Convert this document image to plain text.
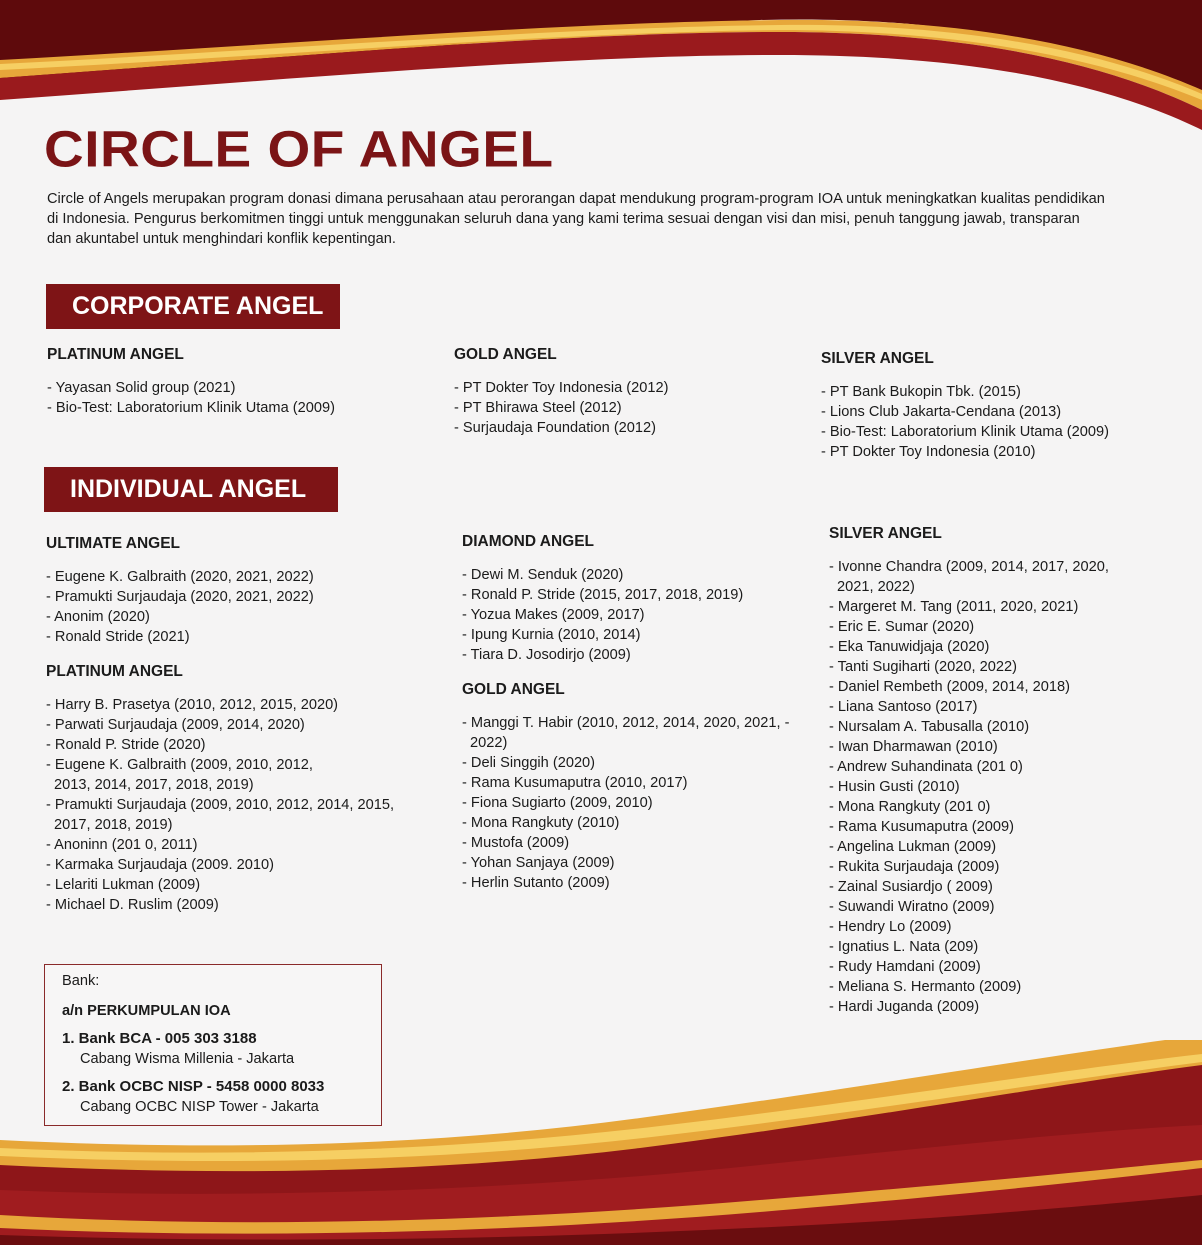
CIRCLE OF ANGEL

Circle of Angels merupakan program donasi dimana perusahaan atau perorangan dapat mendukung program-program IOA untuk meningkatkan kualitas pendidikan di Indonesia. Pengurus berkomitmen tinggi untuk menggunakan seluruh dana yang kami terima sesuai dengan visi dan misi, penuh tanggung jawab, transparan dan akuntabel untuk menghindari konflik kepentingan.

CORPORATE ANGEL
PLATINUM ANGEL
- Yayasan Solid group (2021)
- Bio-Test: Laboratorium Klinik Utama (2009)
GOLD ANGEL
- PT Dokter Toy Indonesia (2012)
- PT Bhirawa Steel (2012)
- Surjaudaja Foundation (2012)
SILVER ANGEL
- PT Bank Bukopin Tbk. (2015)
- Lions Club Jakarta-Cendana (2013)
- Bio-Test: Laboratorium Klinik Utama (2009)
- PT Dokter Toy Indonesia (2010)
INDIVIDUAL ANGEL
ULTIMATE ANGEL
- Eugene K. Galbraith (2020, 2021, 2022)
- Pramukti Surjaudaja (2020, 2021, 2022)
- Anonim (2020)
- Ronald Stride (2021)
PLATINUM ANGEL
- Harry B. Prasetya (2010, 2012, 2015, 2020)
- Parwati Surjaudaja (2009, 2014, 2020)
- Ronald P. Stride (2020)
- Eugene K. Galbraith (2009, 2010, 2012, 2013, 2014, 2017, 2018, 2019)
- Pramukti Surjaudaja (2009, 2010, 2012, 2014, 2015, 2017, 2018, 2019)
- Anoninn (201 0, 2011)
- Karmaka Surjaudaja (2009. 2010)
- Lelariti Lukman (2009)
- Michael D. Ruslim (2009)
DIAMOND ANGEL
- Dewi M. Senduk (2020)
- Ronald P. Stride (2015, 2017, 2018, 2019)
- Yozua Makes (2009, 2017)
- Ipung Kurnia (2010, 2014)
- Tiara D. Josodirjo (2009)
GOLD ANGEL
- Manggi T. Habir (2010, 2012, 2014, 2020, 2021, - 2022)
- Deli Singgih (2020)
- Rama Kusumaputra (2010, 2017)
- Fiona Sugiarto (2009, 2010)
- Mona Rangkuty (2010)
- Mustofa (2009)
- Yohan Sanjaya (2009)
- Herlin Sutanto (2009)
SILVER ANGEL
- Ivonne Chandra (2009, 2014, 2017, 2020, 2021, 2022)
- Margeret M. Tang (2011, 2020, 2021)
- Eric E. Sumar (2020)
- Eka Tanuwidjaja (2020)
- Tanti Sugiharti (2020, 2022)
- Daniel Rembeth (2009, 2014, 2018)
- Liana Santoso (2017)
- Nursalam A. Tabusalla (2010)
- Iwan Dharmawan (2010)
- Andrew Suhandinata (201 0)
- Husin Gusti (2010)
- Mona Rangkuty (201 0)
- Rama Kusumaputra (2009)
- Angelina Lukman (2009)
- Rukita Surjaudaja (2009)
- Zainal Susiardjo ( 2009)
- Suwandi Wiratno (2009)
- Hendry Lo (2009)
- Ignatius L. Nata (209)
- Rudy Hamdani (2009)
- Meliana S. Hermanto (2009)
- Hardi Juganda (2009)
Bank:
a/n PERKUMPULAN IOA
1. Bank BCA - 005 303 3188
Cabang Wisma Millenia - Jakarta
2. Bank OCBC NISP - 5458 0000 8033
Cabang OCBC NISP Tower - Jakarta
